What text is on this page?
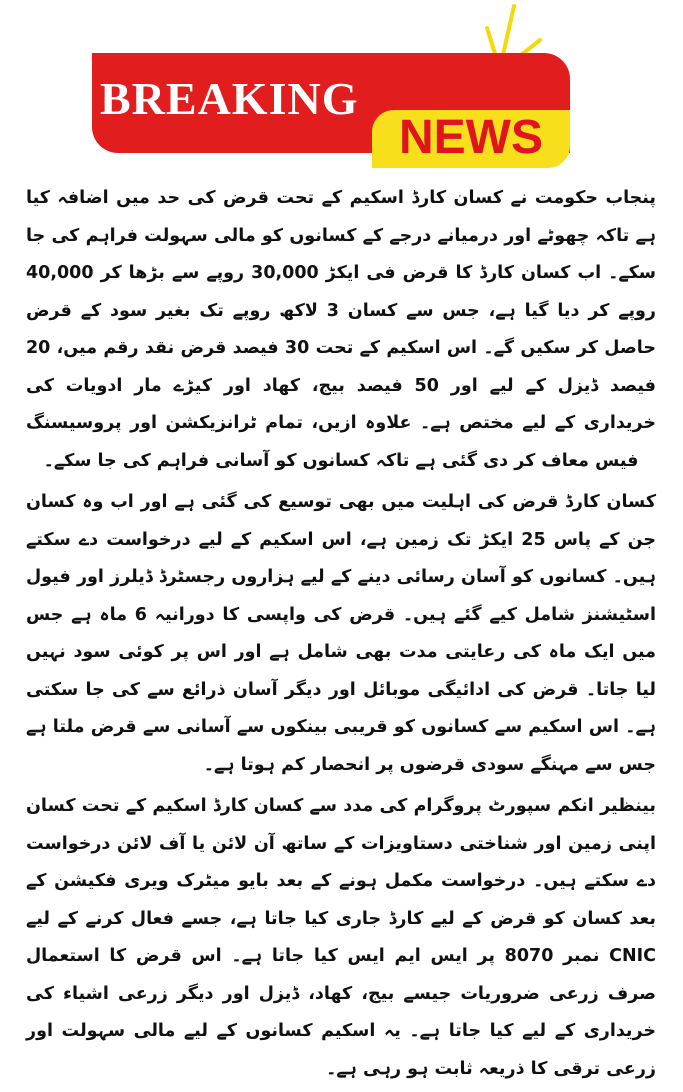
BREAKING
NEWS

پنجاب حکومت نے کسان کارڈ اسکیم کے تحت قرض کی حد میں اضافہ کیا ہے تاکہ چھوٹے اور درمیانے درجے کے کسانوں کو مالی سہولت فراہم کی جا سکے۔ اب کسان کارڈ کا قرض فی ایکڑ 30,000 روپے سے بڑھا کر 40,000 روپے کر دیا گیا ہے، جس سے کسان 3 لاکھ روپے تک بغیر سود کے قرض حاصل کر سکیں گے۔ اس اسکیم کے تحت 30 فیصد قرض نقد رقم میں، 20 فیصد ڈیزل کے لیے اور 50 فیصد بیج، کھاد اور کیڑے مار ادویات کی خریداری کے لیے مختص ہے۔ علاوہ ازیں، تمام ٹرانزیکشن اور پروسیسنگ فیس معاف کر دی گئی ہے تاکہ کسانوں کو آسانی فراہم کی جا سکے۔

کسان کارڈ قرض کی اہلیت میں بھی توسیع کی گئی ہے اور اب وہ کسان جن کے پاس 25 ایکڑ تک زمین ہے، اس اسکیم کے لیے درخواست دے سکتے ہیں۔ کسانوں کو آسان رسائی دینے کے لیے ہزاروں رجسٹرڈ ڈیلرز اور فیول اسٹیشنز شامل کیے گئے ہیں۔ قرض کی واپسی کا دورانیہ 6 ماہ ہے جس میں ایک ماہ کی رعایتی مدت بھی شامل ہے اور اس پر کوئی سود نہیں لیا جاتا۔ قرض کی ادائیگی موبائل اور دیگر آسان ذرائع سے کی جا سکتی ہے۔ اس اسکیم سے کسانوں کو قریبی بینکوں سے آسانی سے قرض ملتا ہے جس سے مہنگے سودی قرضوں پر انحصار کم ہوتا ہے۔

بینظیر انکم سپورٹ پروگرام کی مدد سے کسان کارڈ اسکیم کے تحت کسان اپنی زمین اور شناختی دستاویزات کے ساتھ آن لائن یا آف لائن درخواست دے سکتے ہیں۔ درخواست مکمل ہونے کے بعد بایو میٹرک ویری فکیشن کے بعد کسان کو قرض کے لیے کارڈ جاری کیا جاتا ہے، جسے فعال کرنے کے لیے CNIC نمبر 8070 پر ایس ایم ایس کیا جاتا ہے۔ اس قرض کا استعمال صرف زرعی ضروریات جیسے بیج، کھاد، ڈیزل اور دیگر زرعی اشیاء کی خریداری کے لیے کیا جاتا ہے۔ یہ اسکیم کسانوں کے لیے مالی سہولت اور زرعی ترقی کا ذریعہ ثابت ہو رہی ہے۔
